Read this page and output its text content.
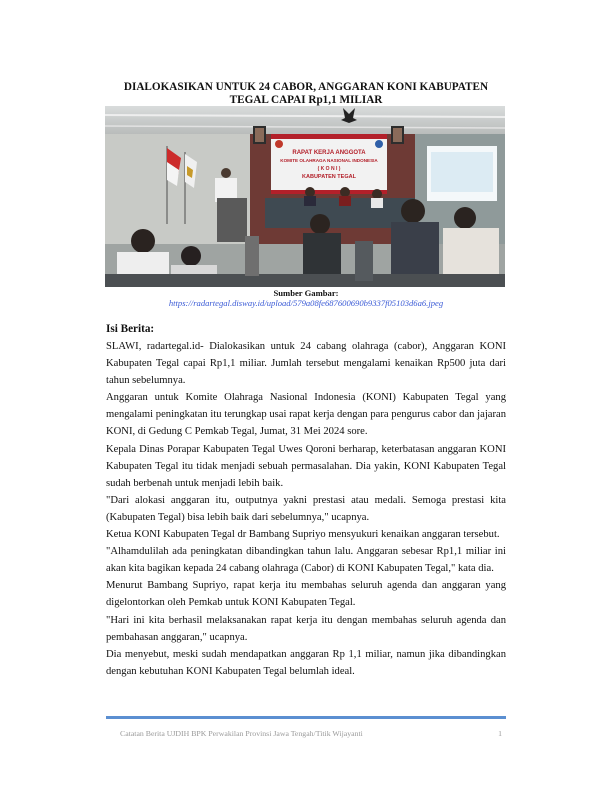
DIALOKASIKAN UNTUK 24 CABOR, ANGGARAN KONI KABUPATEN
TEGAL CAPAI Rp1,1 MILIAR
RAPAT KERJA ANGGOTA
KOMITE OLAHRAGA NASIONAL INDONESIA
( K O N I )
KABUPATEN TEGAL
Sumber Gambar:
https://radartegal.disway.id/upload/579a08fe687600690b9337f05103d6a6.jpeg
Isi Berita:

SLAWI, radartegal.id- Dialokasikan untuk 24 cabang olahraga (cabor), Anggaran KONI Kabupaten Tegal capai Rp1,1 miliar. Jumlah tersebut mengalami kenaikan Rp500 juta dari tahun sebelumnya.

Anggaran untuk Komite Olahraga Nasional Indonesia (KONI) Kabupaten Tegal yang mengalami peningkatan itu terungkap usai rapat kerja dengan para pengurus cabor dan jajaran KONI, di Gedung C Pemkab Tegal, Jumat, 31 Mei 2024 sore.

Kepala Dinas Porapar Kabupaten Tegal Uwes Qoroni berharap, keterbatasan anggaran KONI Kabupaten Tegal itu tidak menjadi sebuah permasalahan. Dia yakin, KONI Kabupaten Tegal sudah berbenah untuk menjadi lebih baik.

"Dari alokasi anggaran itu, outputnya yakni prestasi atau medali. Semoga prestasi kita (Kabupaten Tegal) bisa lebih baik dari sebelumnya," ucapnya.

Ketua KONI Kabupaten Tegal dr Bambang Supriyo mensyukuri kenaikan anggaran tersebut.

"Alhamdulilah ada peningkatan dibandingkan tahun lalu. Anggaran sebesar Rp1,1 miliar ini akan kita bagikan kepada 24 cabang olahraga (Cabor) di KONI Kabupaten Tegal," kata dia.

Menurut Bambang Supriyo, rapat kerja itu membahas seluruh agenda dan anggaran yang digelontorkan oleh Pemkab untuk KONI Kabupaten Tegal.

"Hari ini kita berhasil melaksanakan rapat kerja itu dengan membahas seluruh agenda dan pembahasan anggaran," ucapnya.

Dia menyebut, meski sudah mendapatkan anggaran Rp 1,1 miliar, namun jika dibandingkan dengan kebutuhan KONI Kabupaten Tegal belumlah ideal.

Catatan Berita UJDIH BPK Perwakilan Provinsi Jawa Tengah/Titik Wijayanti	1
